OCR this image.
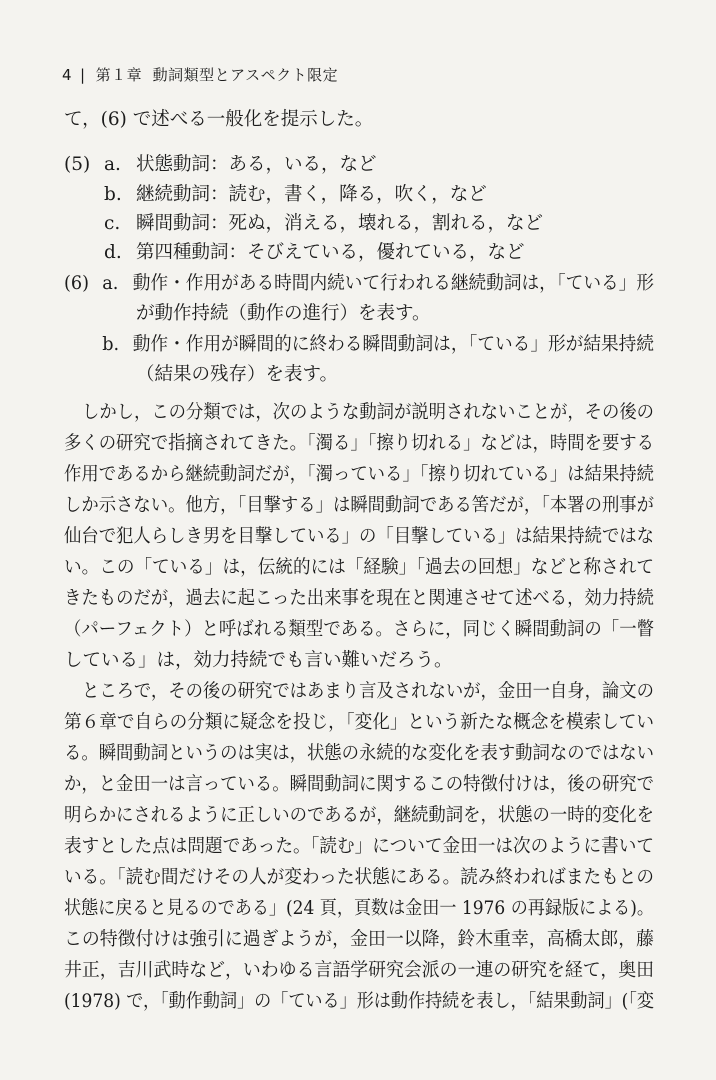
4 | 第１章 動詞類型とアスペクト限定
て，(6) で述べる一般化を提示した。
(5) a. 状態動詞：ある，いる，など
b. 継続動詞：読む，書く，降る，吹く，など
c. 瞬間動詞：死ぬ，消える，壊れる，割れる，など
d. 第四種動詞：そびえている，優れている，など
(6) a. 動作・作用がある時間内続いて行われる継続動詞は，「ている」形
が動作持続（動作の進行）を表す。
b. 動作・作用が瞬間的に終わる瞬間動詞は，「ている」形が結果持続
（結果の残存）を表す。
しかし，この分類では，次のような動詞が説明されないことが，その後の
多くの研究で指摘されてきた。「濁る」「擦り切れる」などは，時間を要する
作用であるから継続動詞だが，「濁っている」「擦り切れている」は結果持続
しか示さない。他方，「目撃する」は瞬間動詞である筈だが，「本署の刑事が
仙台で犯人らしき男を目撃している」の「目撃している」は結果持続ではな
い。この「ている」は，伝統的には「経験」「過去の回想」などと称されて
きたものだが，過去に起こった出来事を現在と関連させて述べる，効力持続
（パーフェクト）と呼ばれる類型である。さらに，同じく瞬間動詞の「一瞥
している」は，効力持続でも言い難いだろう。
ところで，その後の研究ではあまり言及されないが，金田一自身，論文の
第６章で自らの分類に疑念を投じ，「変化」という新たな概念を模索してい
る。瞬間動詞というのは実は，状態の永続的な変化を表す動詞なのではない
か，と金田一は言っている。瞬間動詞に関するこの特徴付けは，後の研究で
明らかにされるように正しいのであるが，継続動詞を，状態の一時的変化を
表すとした点は問題であった。「読む」について金田一は次のように書いて
いる。「読む間だけその人が変わった状態にある。読み終わればまたもとの
状態に戻ると見るのである」(24 頁，頁数は金田一 1976 の再録版による)。
この特徴付けは強引に過ぎようが，金田一以降，鈴木重幸，高橋太郎，藤
井正，吉川武時など，いわゆる言語学研究会派の一連の研究を経て，奥田
(1978) で，「動作動詞」の「ている」形は動作持続を表し，「結果動詞」(「変
